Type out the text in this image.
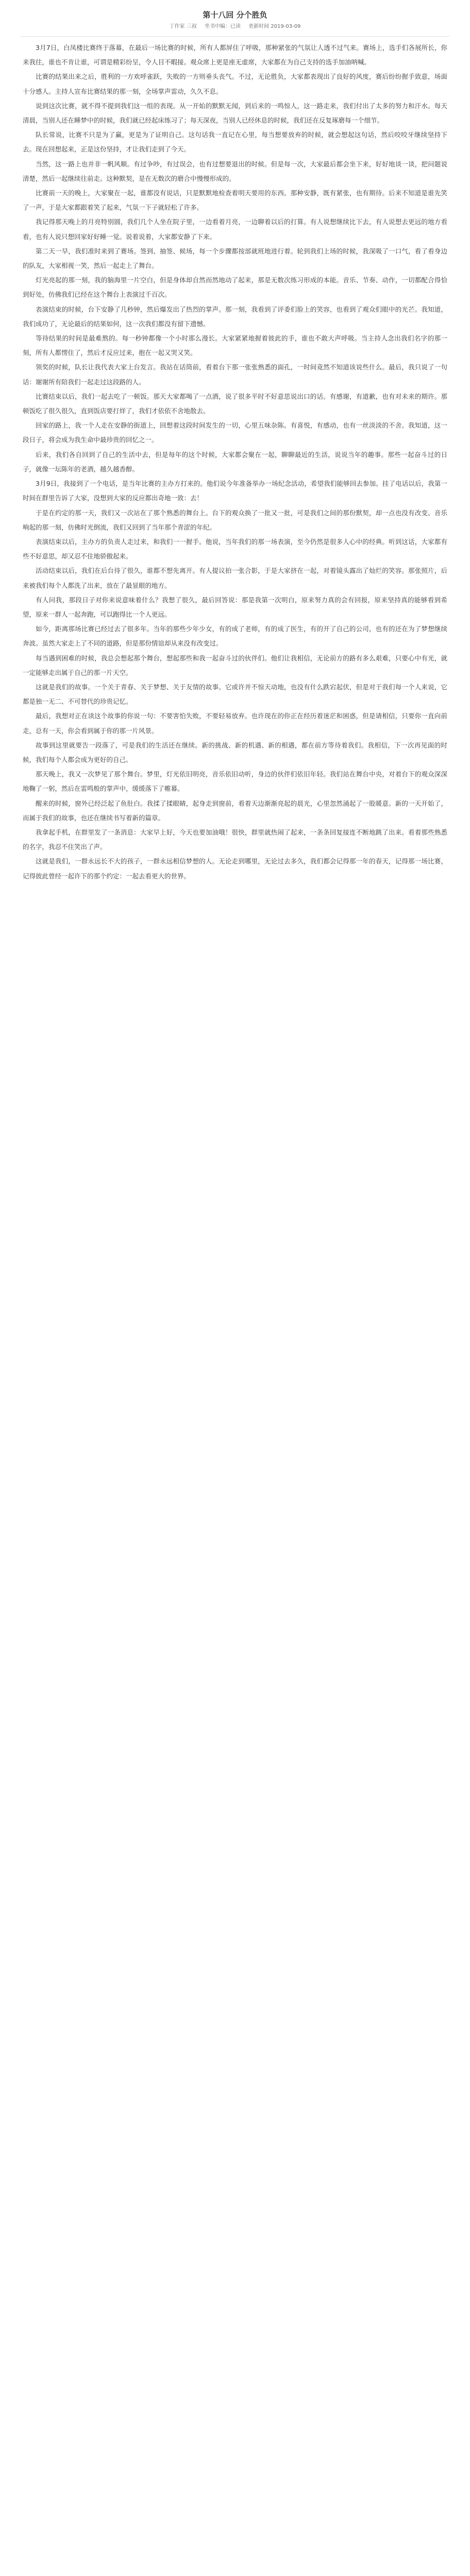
第十八回 分个胜负
丁作家 三叔 坐书中编：已读 更新时间 2019-03-09

3月7日，白凤楼比赛终于落幕，在最后一场比赛的时候，所有人都屏住了呼吸，那种紧张的气氛让人透不过气来。赛场上，选手们各展所长，你来我往，谁也不肯让谁，可谓是精彩纷呈，令人目不暇接。观众席上更是座无虚席，大家都在为自己支持的选手加油呐喊。

比赛的结果出来之后，胜利的一方欢呼雀跃，失败的一方则垂头丧气。不过，无论胜负，大家都表现出了良好的风度，赛后纷纷握手致意，场面十分感人。主持人宣布比赛结果的那一刻，全场掌声雷动，久久不息。

说到这次比赛，就不得不提到我们这一组的表现。从一开始的默默无闻，到后来的一鸣惊人，这一路走来，我们付出了太多的努力和汗水。每天清晨，当别人还在睡梦中的时候，我们就已经起床练习了；每天深夜，当别人已经休息的时候，我们还在反复琢磨每一个细节。

队长常说，比赛不只是为了赢，更是为了证明自己。这句话我一直记在心里，每当想要放弃的时候，就会想起这句话，然后咬咬牙继续坚持下去。现在回想起来，正是这份坚持，才让我们走到了今天。

当然，这一路上也并非一帆风顺。有过争吵，有过误会，也有过想要退出的时候。但是每一次，大家最后都会坐下来，好好地谈一谈，把问题说清楚，然后一起继续往前走。这种默契，是在无数次的磨合中慢慢形成的。

比赛前一天的晚上，大家聚在一起，谁都没有说话，只是默默地检查着明天要用的东西。那种安静，既有紧张，也有期待。后来不知道是谁先笑了一声，于是大家都跟着笑了起来，气氛一下子就轻松了许多。

我记得那天晚上的月亮特别圆，我们几个人坐在院子里，一边看着月亮，一边聊着以后的打算。有人说想继续比下去，有人说想去更远的地方看看，也有人说只想回家好好睡一觉。说着说着，大家都安静了下来。

第二天一早，我们准时来到了赛场。签到、抽签、候场，每一个步骤都按部就班地进行着。轮到我们上场的时候，我深吸了一口气，看了看身边的队友，大家相视一笑，然后一起走上了舞台。

灯光亮起的那一刻，我的脑海里一片空白，但是身体却自然而然地动了起来，那是无数次练习形成的本能。音乐、节奏、动作，一切都配合得恰到好处，仿佛我们已经在这个舞台上表演过千百次。

表演结束的时候，台下安静了几秒钟，然后爆发出了热烈的掌声。那一刻，我看到了评委们脸上的笑容，也看到了观众们眼中的光芒。我知道，我们成功了，无论最后的结果如何，这一次我们都没有留下遗憾。

等待结果的时间是最难熬的。每一秒钟都像一个小时那么漫长。大家紧紧地握着彼此的手，谁也不敢大声呼吸。当主持人念出我们名字的那一刻，所有人都愣住了，然后才反应过来，抱在一起又哭又笑。

领奖的时候，队长让我代表大家上台发言。我站在话筒前，看着台下那一张张熟悉的面孔，一时间竟然不知道该说些什么。最后，我只说了一句话：谢谢所有陪我们一起走过这段路的人。

比赛结束以后，我们一起去吃了一顿饭。那天大家都喝了一点酒，说了很多平时不好意思说出口的话。有感谢，有道歉，也有对未来的期许。那顿饭吃了很久很久，直到饭店要打烊了，我们才依依不舍地散去。

回家的路上，我一个人走在安静的街道上，回想着这段时间发生的一切，心里五味杂陈。有喜悦，有感动，也有一丝淡淡的不舍。我知道，这一段日子，将会成为我生命中最珍贵的回忆之一。

后来，我们各自回到了自己的生活中去，但是每年的这个时候，大家都会聚在一起，聊聊最近的生活，说说当年的趣事。那些一起奋斗过的日子，就像一坛陈年的老酒，越久越香醇。

3月9日，我接到了一个电话，是当年比赛的主办方打来的。他们说今年准备举办一场纪念活动，希望我们能够回去参加。挂了电话以后，我第一时间在群里告诉了大家，没想到大家的反应都出奇地一致：去！

于是在约定的那一天，我们又一次站在了那个熟悉的舞台上。台下的观众换了一批又一批，可是我们之间的那份默契，却一点也没有改变。音乐响起的那一刻，仿佛时光倒流，我们又回到了当年那个青涩的年纪。

表演结束以后，主办方的负责人走过来，和我们一一握手。他说，当年我们的那一场表演，至今仍然是很多人心中的经典。听到这话，大家都有些不好意思，却又忍不住地骄傲起来。

活动结束以后，我们在后台待了很久，谁都不想先离开。有人提议拍一张合影，于是大家挤在一起，对着镜头露出了灿烂的笑容。那张照片，后来被我们每个人都洗了出来，放在了最显眼的地方。

有人问我，那段日子对你来说意味着什么？我想了很久，最后回答说：那是我第一次明白，原来努力真的会有回报，原来坚持真的能够看到希望，原来一群人一起奔跑，可以跑得比一个人更远。

如今，距离那场比赛已经过去了很多年。当年的那些少年少女，有的成了老师，有的成了医生，有的开了自己的公司，也有的还在为了梦想继续奔波。虽然大家走上了不同的道路，但是那份情谊却从来没有改变过。

每当遇到困难的时候，我总会想起那个舞台，想起那些和我一起奋斗过的伙伴们。他们让我相信，无论前方的路有多么艰难，只要心中有光，就一定能够走出属于自己的那一片天空。

这就是我们的故事。一个关于青春、关于梦想、关于友情的故事。它或许并不惊天动地，也没有什么跌宕起伏，但是对于我们每一个人来说，它都是独一无二、不可替代的珍贵记忆。

最后，我想对正在读这个故事的你说一句：不要害怕失败，不要轻易放弃。也许现在的你正在经历着迷茫和困惑，但是请相信，只要你一直向前走，总有一天，你会看到属于你的那一片风景。

故事到这里就要告一段落了，可是我们的生活还在继续。新的挑战、新的机遇、新的相遇，都在前方等待着我们。我相信，下一次再见面的时候，我们每个人都会成为更好的自己。

那天晚上，我又一次梦见了那个舞台。梦里，灯光依旧明亮，音乐依旧动听，身边的伙伴们依旧年轻。我们站在舞台中央，对着台下的观众深深地鞠了一躬，然后在雷鸣般的掌声中，缓缓落下了帷幕。

醒来的时候，窗外已经泛起了鱼肚白。我揉了揉眼睛，起身走到窗前，看着天边渐渐亮起的晨光，心里忽然涌起了一股暖意。新的一天开始了，而属于我们的故事，也还在继续书写着新的篇章。

我拿起手机，在群里发了一条消息：大家早上好，今天也要加油哦！很快，群里就热闹了起来，一条条回复接连不断地跳了出来。看着那些熟悉的名字，我忍不住笑出了声。

这就是我们，一群永远长不大的孩子，一群永远相信梦想的人。无论走到哪里，无论过去多久，我们都会记得那一年的春天，记得那一场比赛，记得彼此曾经一起许下的那个约定：一起去看更大的世界。
